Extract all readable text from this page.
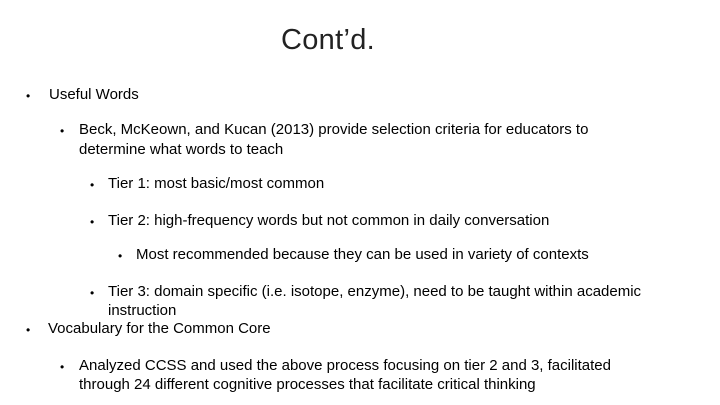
Cont’d.
• Useful Words
• Beck, McKeown, and Kucan (2013) provide selection criteria for educators to
determine what words to teach
• Tier 1: most basic/most common
• Tier 2: high-frequency words but not common in daily conversation
• Most recommended because they can be used in variety of contexts
• Tier 3: domain specific (i.e. isotope, enzyme), need to be taught within academic
instruction
• Vocabulary for the Common Core
• Analyzed CCSS and used the above process focusing on tier 2 and 3, facilitated
through 24 different cognitive processes that facilitate critical thinking
